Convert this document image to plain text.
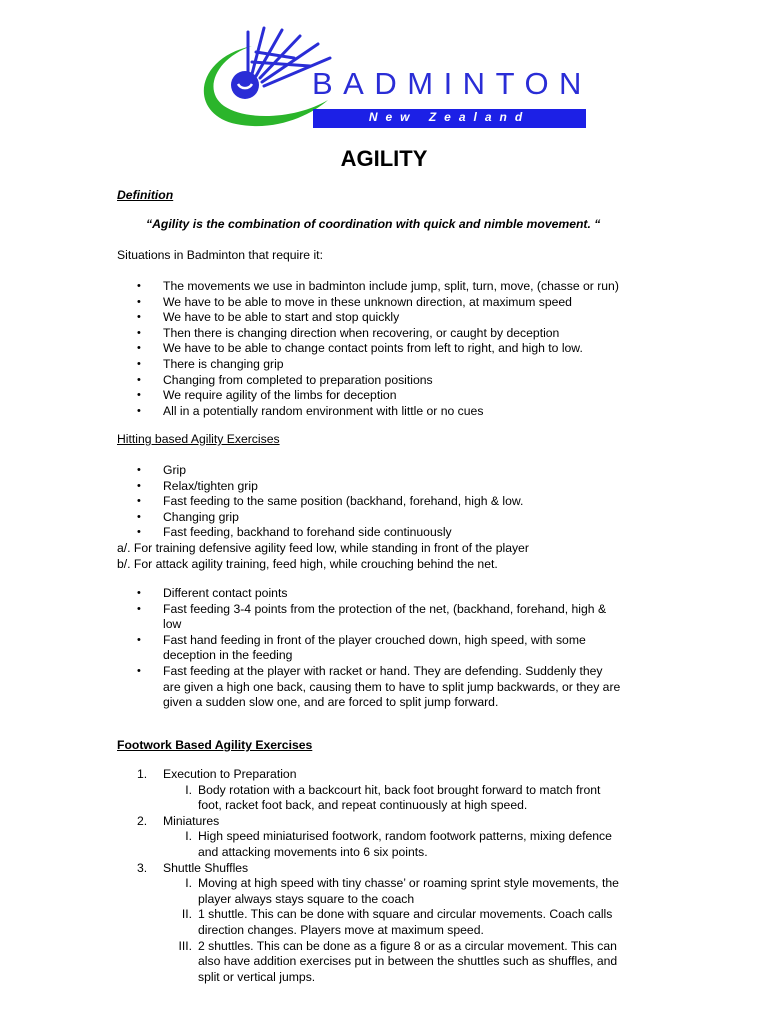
BADMINTON
New Zealand
AGILITY
Definition
“Agility is the combination of coordination with quick and nimble movement. “
Situations in Badminton that require it:
• The movements we use in badminton include jump, split, turn, move, (chasse or run)
• We have to be able to move in these unknown direction, at maximum speed
• We have to be able to start and stop quickly
• Then there is changing direction when recovering, or caught by deception
• We have to be able to change contact points from left to right, and high to low.
• There is changing grip
• Changing from completed to preparation positions
• We require agility of the limbs for deception
• All in a potentially random environment with little or no cues
Hitting based Agility Exercises
• Grip
• Relax/tighten grip
• Fast feeding to the same position (backhand, forehand, high & low.
• Changing grip
• Fast feeding, backhand to forehand side continuously
a/. For training defensive agility feed low, while standing in front of the player
b/. For attack agility training, feed high, while crouching behind the net.
• Different contact points
• Fast feeding 3-4 points from the protection of the net, (backhand, forehand, high &
low
• Fast hand feeding in front of the player crouched down, high speed, with some
deception in the feeding
• Fast feeding at the player with racket or hand. They are defending. Suddenly they
are given a high one back, causing them to have to split jump backwards, or they are
given a sudden slow one, and are forced to split jump forward.
Footwork Based Agility Exercises
1. Execution to Preparation
I. Body rotation with a backcourt hit, back foot brought forward to match front
foot, racket foot back, and repeat continuously at high speed.
2. Miniatures
I. High speed miniaturised footwork, random footwork patterns, mixing defence
and attacking movements into 6 six points.
3. Shuttle Shuffles
I. Moving at high speed with tiny chasse’ or roaming sprint style movements, the
player always stays square to the coach
II. 1 shuttle. This can be done with square and circular movements. Coach calls
direction changes. Players move at maximum speed.
III. 2 shuttles. This can be done as a figure 8 or as a circular movement. This can
also have addition exercises put in between the shuttles such as shuffles, and
split or vertical jumps.
